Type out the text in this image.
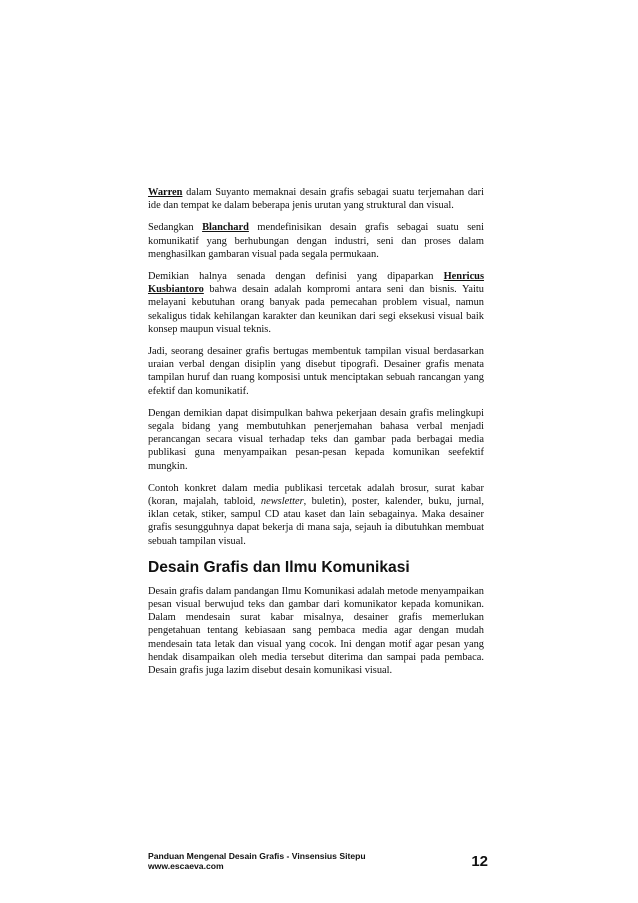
Warren dalam Suyanto memaknai desain grafis sebagai suatu terjemahan dari ide dan tempat ke dalam beberapa jenis urutan yang struktural dan visual.

Sedangkan Blanchard mendefinisikan desain grafis sebagai suatu seni komunikatif yang berhubungan dengan industri, seni dan proses dalam menghasilkan gambaran visual pada segala permukaan.

Demikian halnya senada dengan definisi yang dipaparkan Henricus Kusbiantoro bahwa desain adalah kompromi antara seni dan bisnis. Yaitu melayani kebutuhan orang banyak pada pemecahan problem visual, namun sekaligus tidak kehilangan karakter dan keunikan dari segi eksekusi visual baik konsep maupun visual teknis.

Jadi, seorang desainer grafis bertugas membentuk tampilan visual berdasarkan uraian verbal dengan disiplin yang disebut tipografi. Desainer grafis menata tampilan huruf dan ruang komposisi untuk menciptakan sebuah rancangan yang efektif dan komunikatif.

Dengan demikian dapat disimpulkan bahwa pekerjaan desain grafis melingkupi segala bidang yang membutuhkan penerjemahan bahasa verbal menjadi perancangan secara visual terhadap teks dan gambar pada berbagai media publikasi guna menyampaikan pesan-pesan kepada komunikan seefektif mungkin.

Contoh konkret dalam media publikasi tercetak adalah brosur, surat kabar (koran, majalah, tabloid, newsletter, buletin), poster, kalender, buku, jurnal, iklan cetak, stiker, sampul CD atau kaset dan lain sebagainya. Maka desainer grafis sesungguhnya dapat bekerja di mana saja, sejauh ia dibutuhkan membuat sebuah tampilan visual.

Desain Grafis dan Ilmu Komunikasi

Desain grafis dalam pandangan Ilmu Komunikasi adalah metode menyampaikan pesan visual berwujud teks dan gambar dari komunikator kepada komunikan. Dalam mendesain surat kabar misalnya, desainer grafis memerlukan pengetahuan tentang kebiasaan sang pembaca media agar dengan mudah mendesain tata letak dan visual yang cocok. Ini dengan motif agar pesan yang hendak disampaikan oleh media tersebut diterima dan sampai pada pembaca. Desain grafis juga lazim disebut desain komunikasi visual.

Panduan Mengenal Desain Grafis - Vinsensius Sitepu
www.escaeva.com	12
